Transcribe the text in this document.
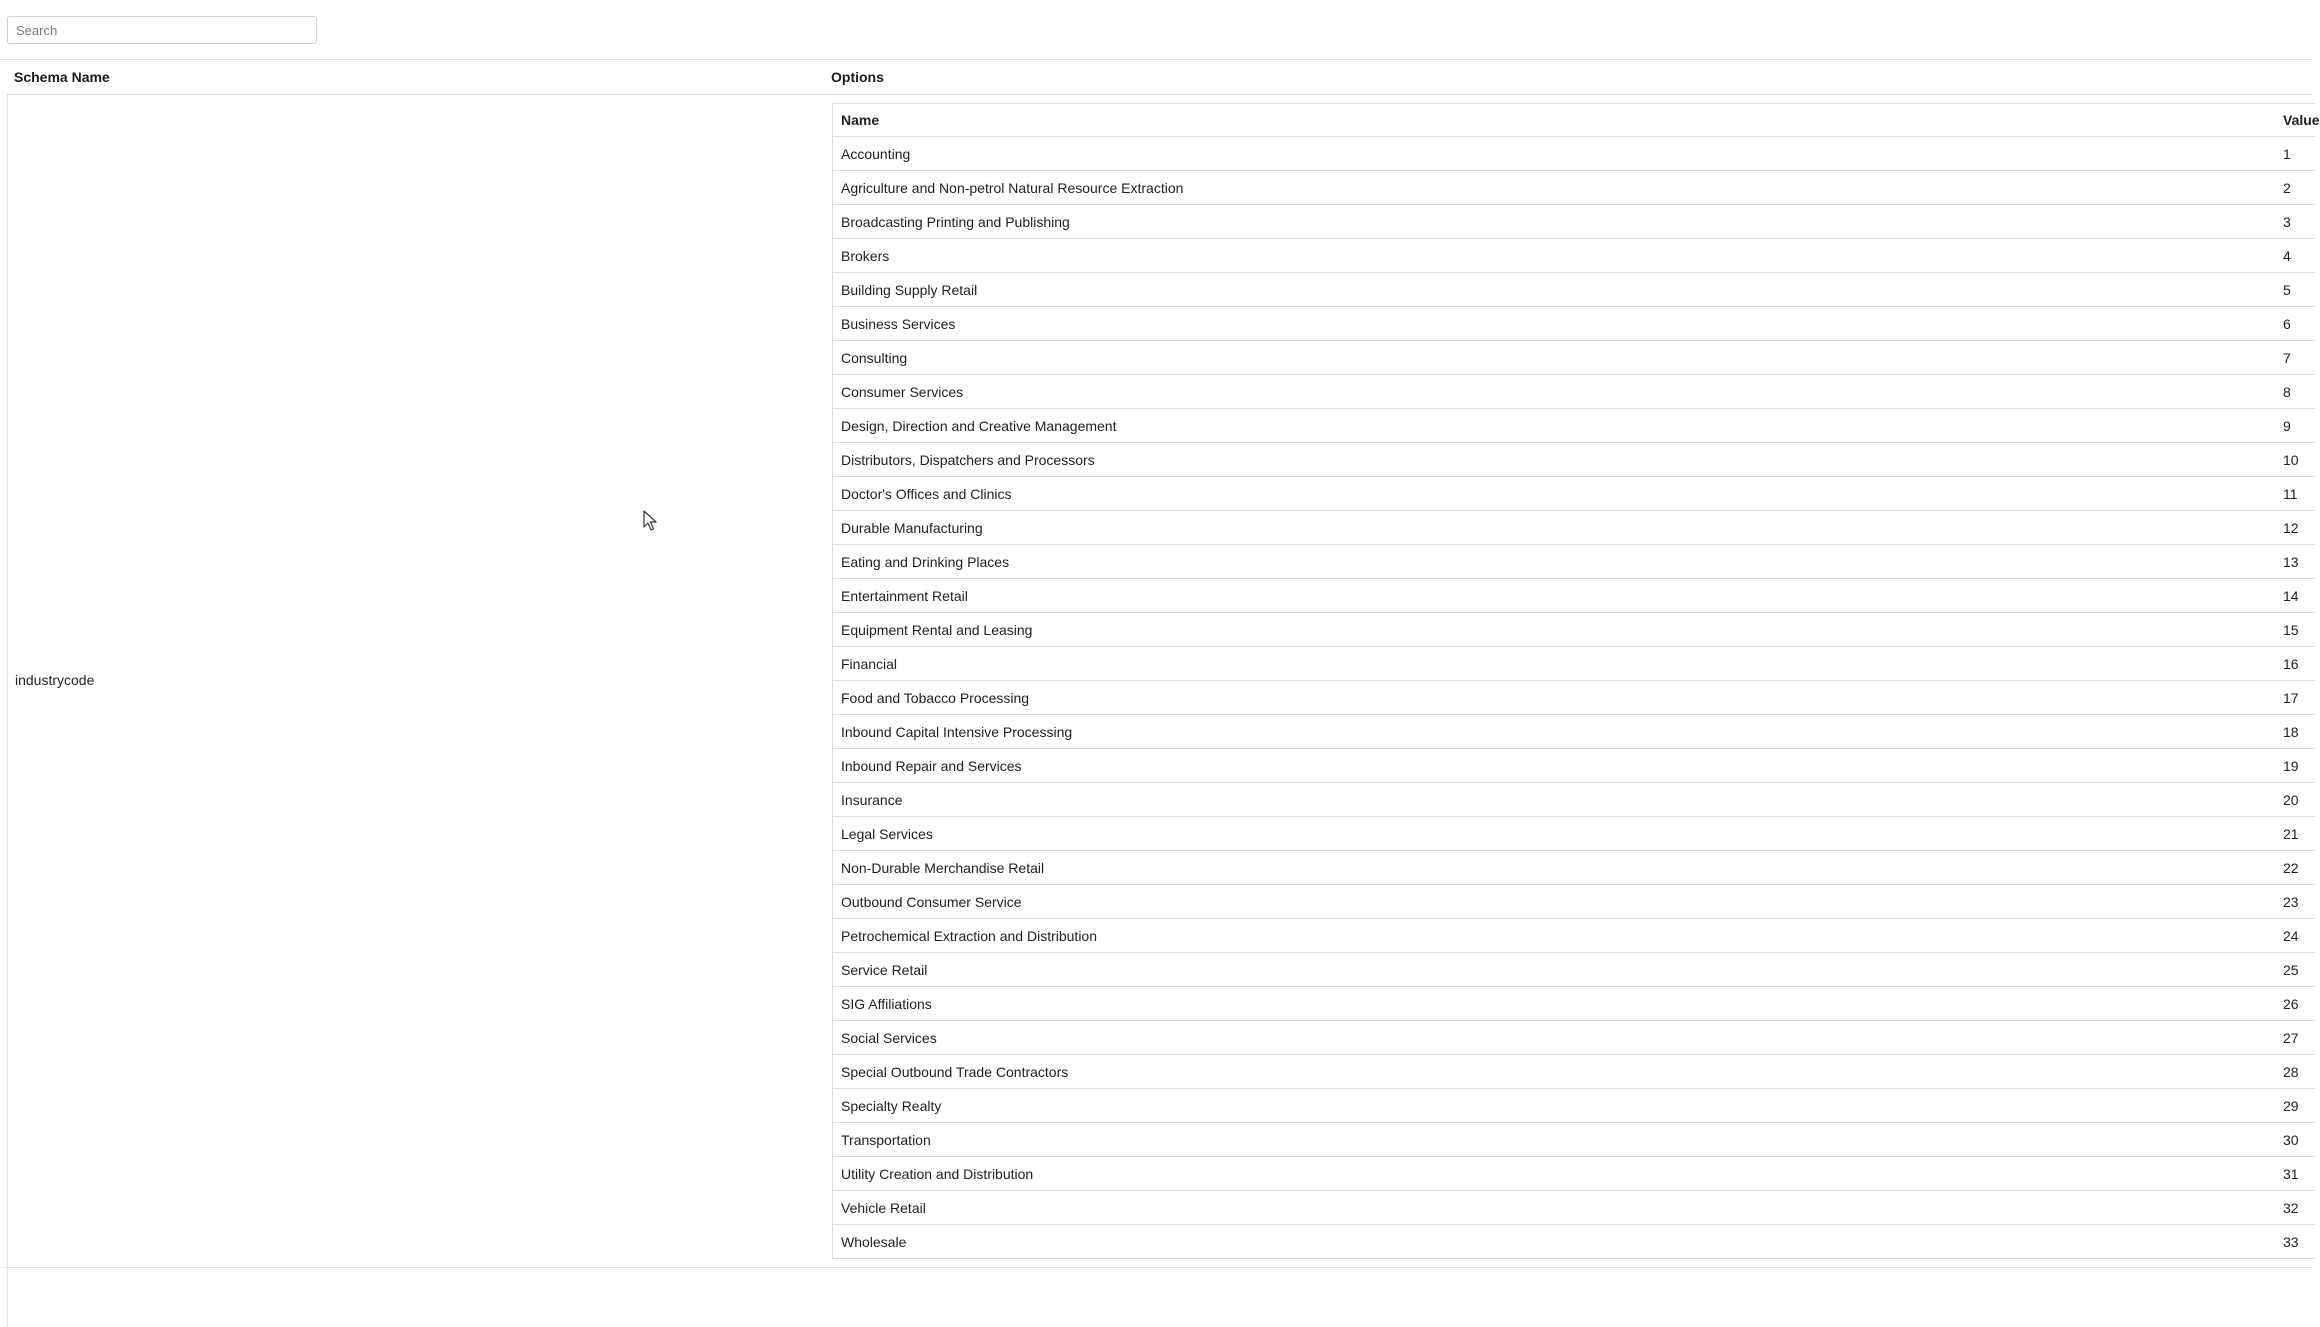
Search
Schema Name	Options
industrycode
Name	Value
Accounting	1
Agriculture and Non-petrol Natural Resource Extraction	2
Broadcasting Printing and Publishing	3
Brokers	4
Building Supply Retail	5
Business Services	6
Consulting	7
Consumer Services	8
Design, Direction and Creative Management	9
Distributors, Dispatchers and Processors	10
Doctor's Offices and Clinics	11
Durable Manufacturing	12
Eating and Drinking Places	13
Entertainment Retail	14
Equipment Rental and Leasing	15
Financial	16
Food and Tobacco Processing	17
Inbound Capital Intensive Processing	18
Inbound Repair and Services	19
Insurance	20
Legal Services	21
Non-Durable Merchandise Retail	22
Outbound Consumer Service	23
Petrochemical Extraction and Distribution	24
Service Retail	25
SIG Affiliations	26
Social Services	27
Special Outbound Trade Contractors	28
Specialty Realty	29
Transportation	30
Utility Creation and Distribution	31
Vehicle Retail	32
Wholesale	33
